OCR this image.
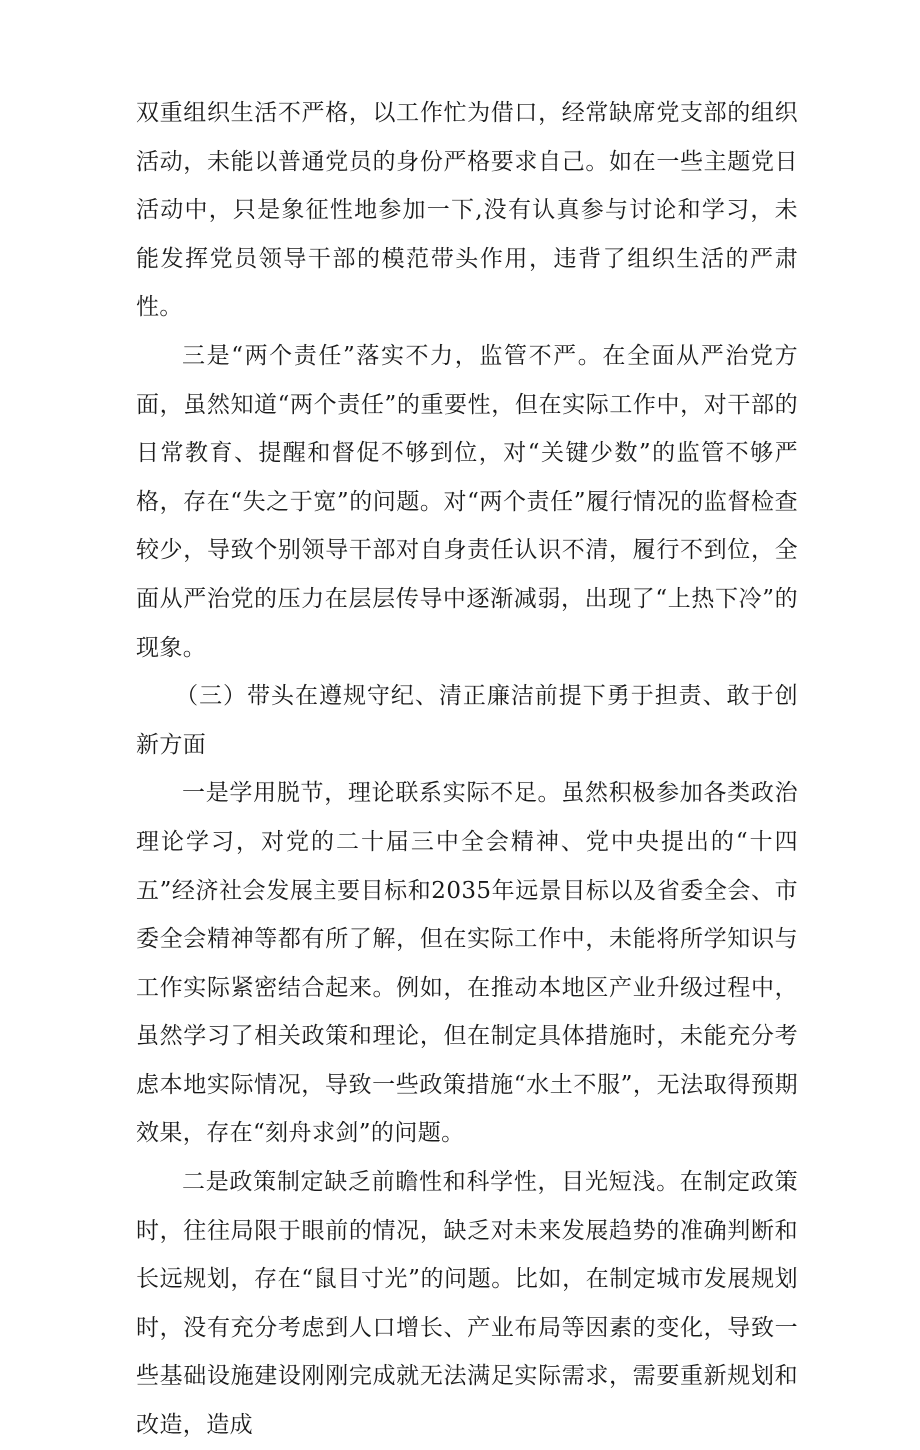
双重组织生活不严格，以工作忙为借口，经常缺席党支部的组织活动，未能以普通党员的身份严格要求自己。如在一些主题党日活动中，只是象征性地参加一下,没有认真参与讨论和学习，未能发挥党员领导干部的模范带头作用，违背了组织生活的严肃性。

三是“两个责任”落实不力，监管不严。在全面从严治党方面，虽然知道“两个责任”的重要性，但在实际工作中，对干部的日常教育、提醒和督促不够到位，对“关键少数”的监管不够严格，存在“失之于宽”的问题。对“两个责任”履行情况的监督检查较少，导致个别领导干部对自身责任认识不清，履行不到位，全面从严治党的压力在层层传导中逐渐减弱，出现了“上热下冷”的现象。

（三）带头在遵规守纪、清正廉洁前提下勇于担责、敢于创新方面

一是学用脱节，理论联系实际不足。虽然积极参加各类政治理论学习，对党的二十届三中全会精神、党中央提出的“十四五”经济社会发展主要目标和2035年远景目标以及省委全会、市委全会精神等都有所了解，但在实际工作中，未能将所学知识与工作实际紧密结合起来。例如，在推动本地区产业升级过程中，虽然学习了相关政策和理论，但在制定具体措施时，未能充分考虑本地实际情况，导致一些政策措施“水土不服”，无法取得预期效果，存在“刻舟求剑”的问题。

二是政策制定缺乏前瞻性和科学性，目光短浅。在制定政策时，往往局限于眼前的情况，缺乏对未来发展趋势的准确判断和长远规划，存在“鼠目寸光”的问题。比如，在制定城市发展规划时，没有充分考虑到人口增长、产业布局等因素的变化，导致一些基础设施建设刚刚完成就无法满足实际需求，需要重新规划和改造，造成
